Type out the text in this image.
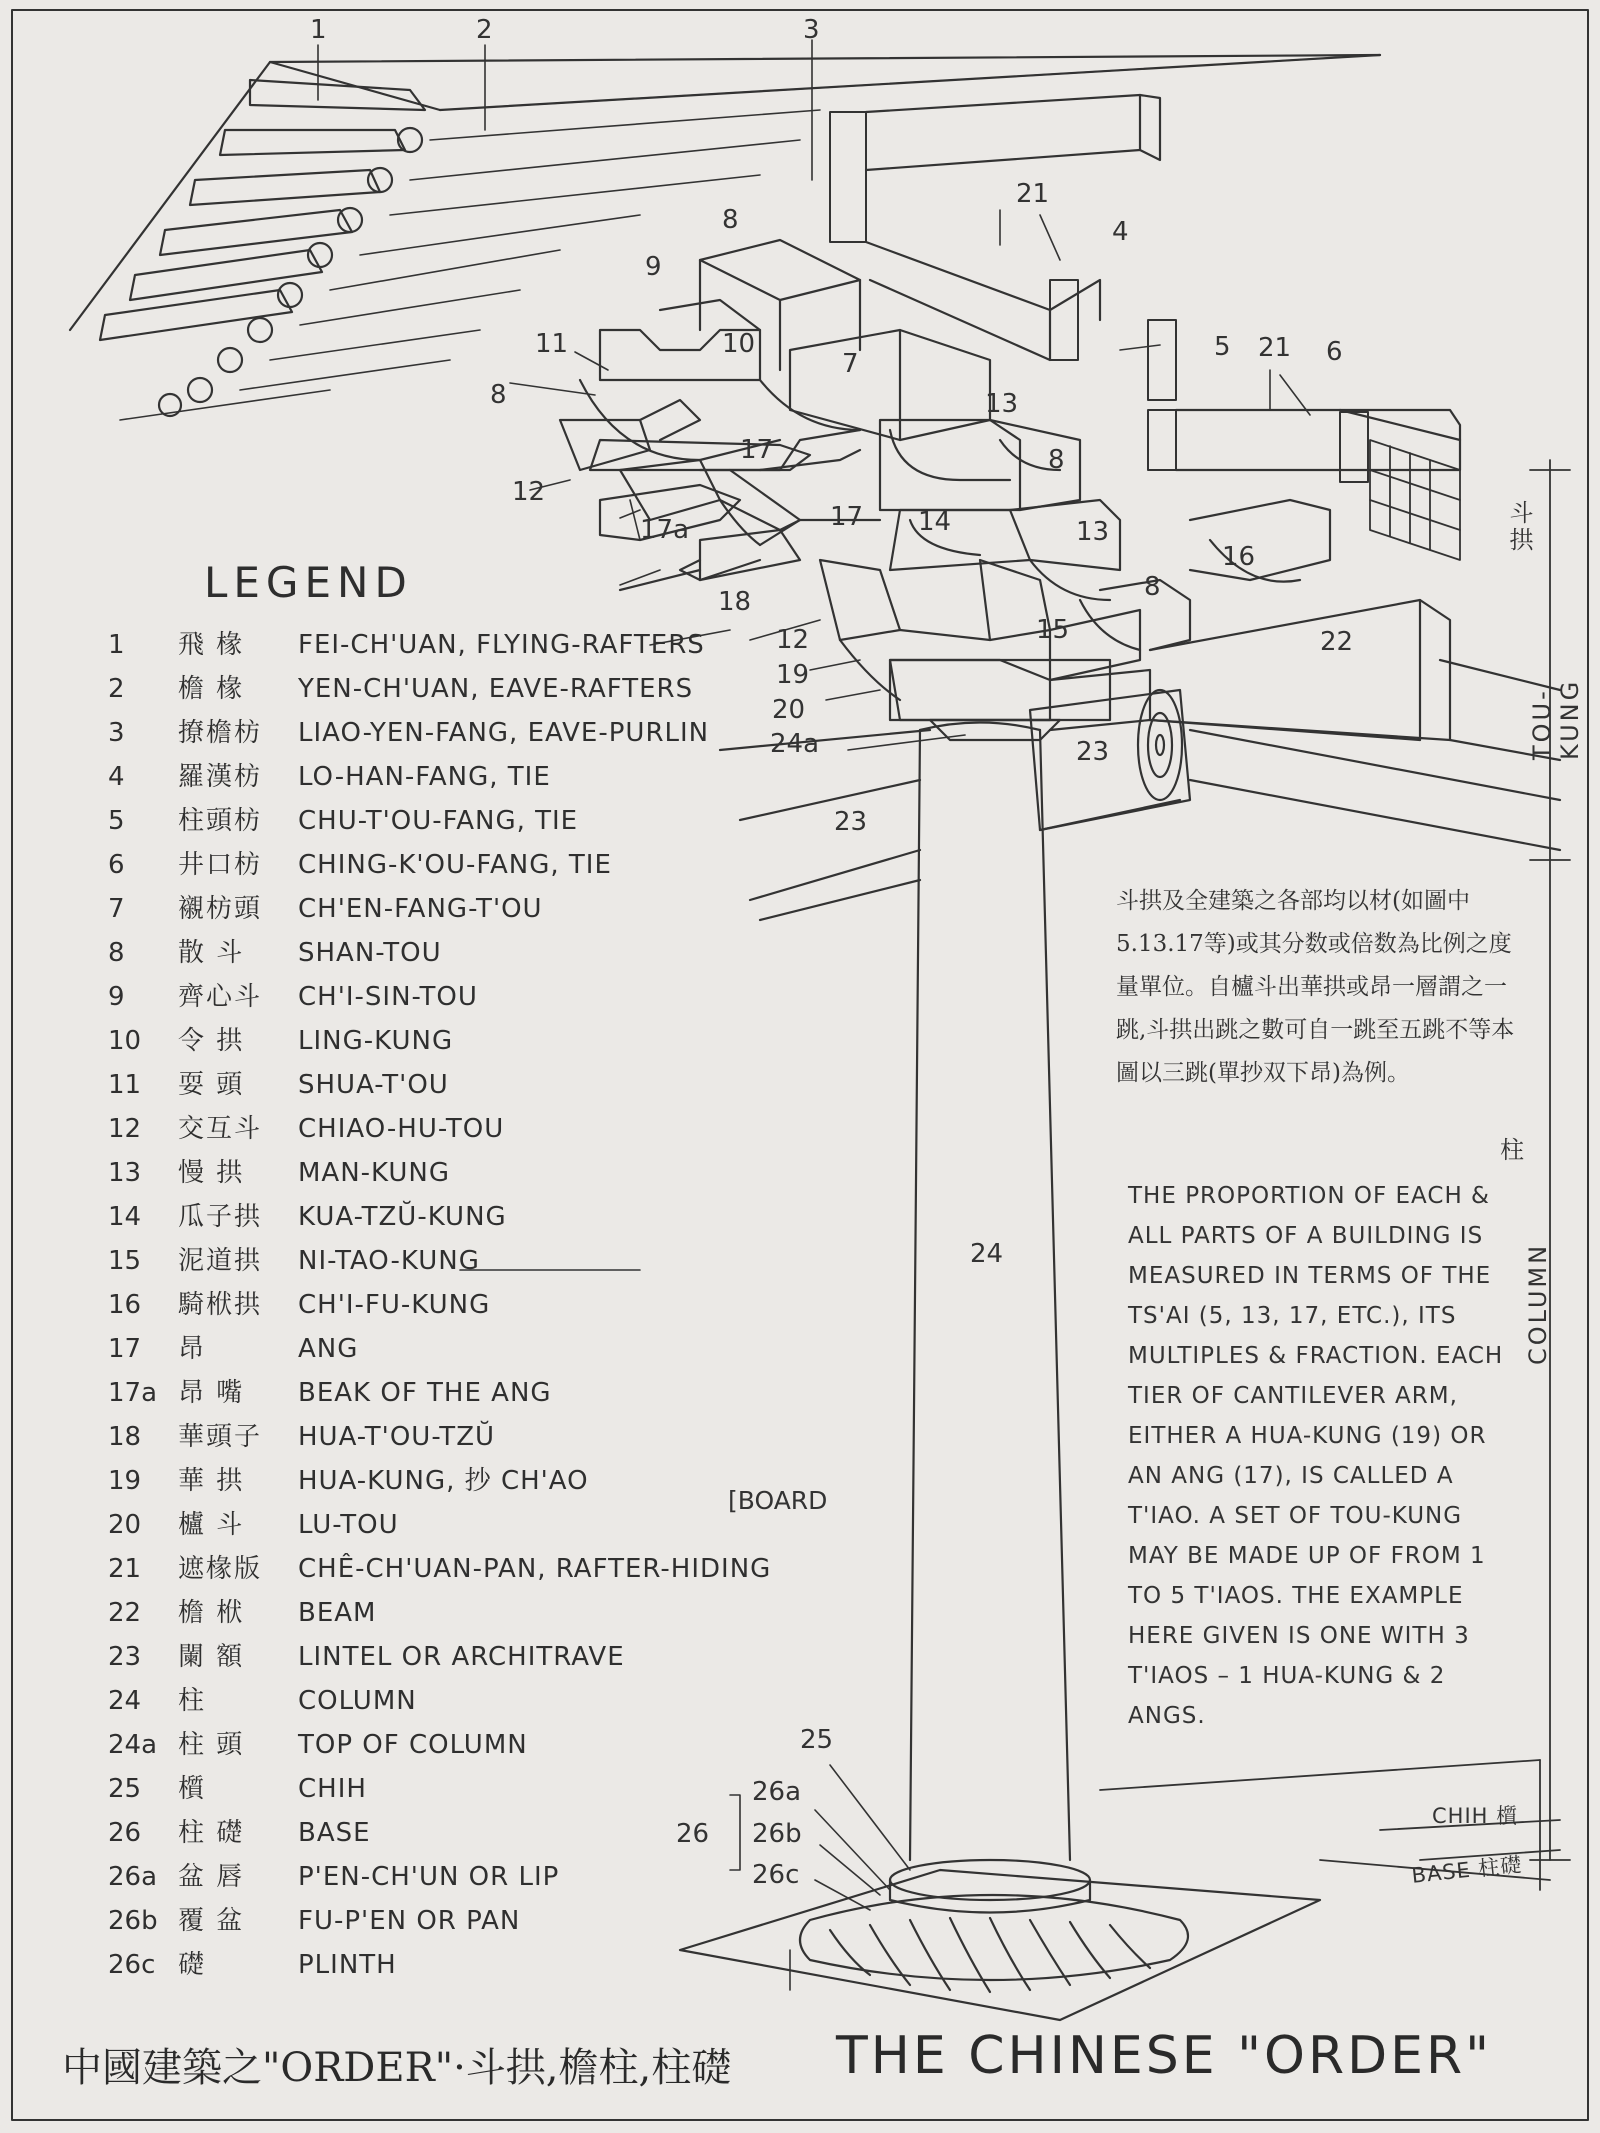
1	2	3
4
5	6
7
8
8
8
8
9
10
11
12
12
13
13
14
15
16
17
17
17a
18
19
20
21
21
22
23
23
24
24a
25
26
26a
26b
26c
LEGEND
1	飛 椽	FEI-CH'UAN, FLYING-RAFTERS
2	檐 椽	YEN-CH'UAN, EAVE-RAFTERS
3	撩檐枋	LIAO-YEN-FANG, EAVE-PURLIN
4	羅漢枋	LO-HAN-FANG, TIE
5	柱頭枋	CHU-T'OU-FANG, TIE
6	井口枋	CHING-K'OU-FANG, TIE
7	襯枋頭	CH'EN-FANG-T'OU
8	散 斗	SHAN-TOU
9	齊心斗	CH'I-SIN-TOU
10	令 拱	LING-KUNG
11	耍 頭	SHUA-T'OU
12	交互斗	CHIAO-HU-TOU
13	慢 拱	MAN-KUNG
14	瓜子拱	KUA-TZŬ-KUNG
15	泥道拱	NI-TAO-KUNG
16	騎栿拱	CH'I-FU-KUNG
17	昂	ANG
17a 昂 嘴	BEAK OF THE ANG
18	華頭子	HUA-T'OU-TZŬ
19	華 拱	HUA-KUNG, 抄 CH'AO
20	櫨 斗	LU-TOU
21	遮椽版	CHÊ-CH'UAN-PAN, RAFTER-HIDING
22	檐 栿	BEAM
23	闌 額	LINTEL OR ARCHITRAVE
24	柱	COLUMN
24a 柱 頭	TOP OF COLUMN
25	櫍	CHIH
26	柱 礎	BASE
26a 盆 唇	P'EN-CH'UN OR LIP
26b 覆 盆	FU-P'EN OR PAN
26c 礎	PLINTH
[BOARD
斗拱及全建築之各部均以材(如圖中5.13.17等)或其分数或倍数為比例之度量單位。自櫨斗出華拱或昂一層謂之一跳,斗拱出跳之數可自一跳至五跳不等本圖以三跳(單抄双下昂)為例。
THE PROPORTION OF EACH & ALL PARTS OF A BUILDING IS MEASURED IN TERMS OF THE TS'AI (5, 13, 17, ETC.), ITS MULTIPLES & FRACTION. EACH TIER OF CANTILEVER ARM, EITHER A HUA-KUNG (19) OR AN ANG (17), IS CALLED A T'IAO. A SET OF TOU-KUNG MAY BE MADE UP OF FROM 1 TO 5 T'IAOS. THE EXAMPLE HERE GIVEN IS ONE WITH 3 T'IAOS – 1 HUA-KUNG & 2 ANGS.
斗拱
TOU-KUNG
柱
COLUMN
CHIH 櫍
BASE 柱礎
中國建築之"ORDER"·斗拱,檐柱,柱礎 THE CHINESE "ORDER"
